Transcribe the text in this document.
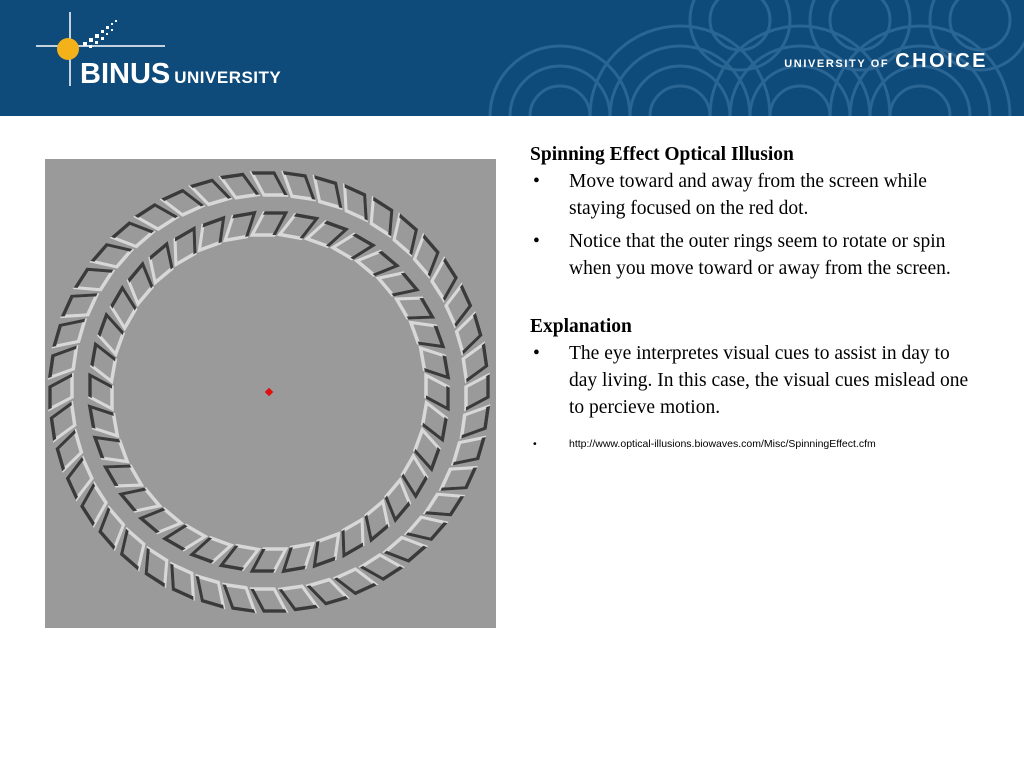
BINUS UNIVERSITY
UNIVERSITY OF CHOICE

Spinning Effect Optical Illusion

• Move toward and away from the screen while staying focused on the red dot.
• Notice that the outer rings seem to rotate or spin when you move toward or away from the screen.

Explanation

• The eye interpretes visual cues to assist in day to day living. In this case, the visual cues mislead one to percieve motion.
•	http://www.optical-illusions.biowaves.com/Misc/SpinningEffect.cfm
